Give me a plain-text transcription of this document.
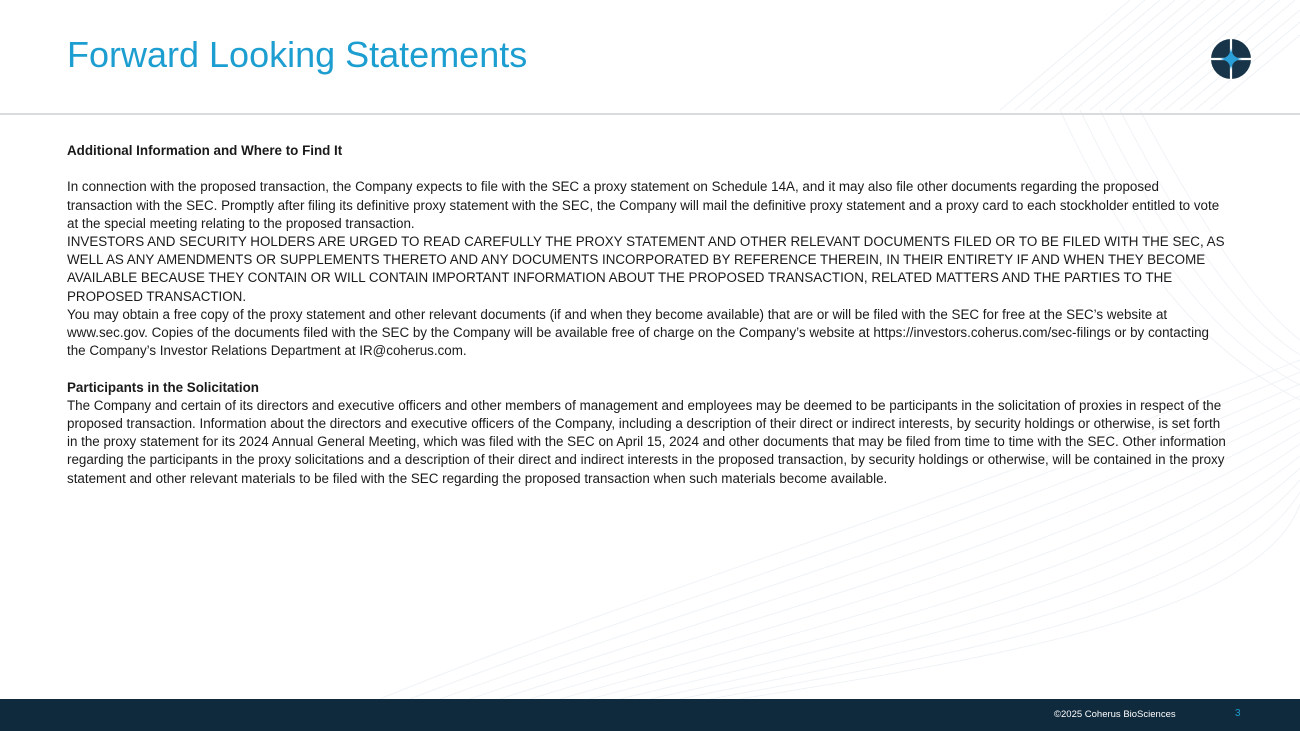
Forward Looking Statements

Additional Information and Where to Find It

In connection with the proposed transaction, the Company expects to file with the SEC a proxy statement on Schedule 14A, and it may also file other documents regarding the proposed transaction with the SEC. Promptly after filing its definitive proxy statement with the SEC, the Company will mail the definitive proxy statement and a proxy card to each stockholder entitled to vote at the special meeting relating to the proposed transaction.

INVESTORS AND SECURITY HOLDERS ARE URGED TO READ CAREFULLY THE PROXY STATEMENT AND OTHER RELEVANT DOCUMENTS FILED OR TO BE FILED WITH THE SEC, AS WELL AS ANY AMENDMENTS OR SUPPLEMENTS THERETO AND ANY DOCUMENTS INCORPORATED BY REFERENCE THEREIN, IN THEIR ENTIRETY IF AND WHEN THEY BECOME AVAILABLE BECAUSE THEY CONTAIN OR WILL CONTAIN IMPORTANT INFORMATION ABOUT THE PROPOSED TRANSACTION, RELATED MATTERS AND THE PARTIES TO THE PROPOSED TRANSACTION.

You may obtain a free copy of the proxy statement and other relevant documents (if and when they become available) that are or will be filed with the SEC for free at the SEC’s website at www.sec.gov. Copies of the documents filed with the SEC by the Company will be available free of charge on the Company’s website at https://investors.coherus.com/sec-filings or by contacting the Company’s Investor Relations Department at IR@coherus.com.

Participants in the Solicitation

The Company and certain of its directors and executive officers and other members of management and employees may be deemed to be participants in the solicitation of proxies in respect of the proposed transaction. Information about the directors and executive officers of the Company, including a description of their direct or indirect interests, by security holdings or otherwise, is set forth in the proxy statement for its 2024 Annual General Meeting, which was filed with the SEC on April 15, 2024 and other documents that may be filed from time to time with the SEC. Other information regarding the participants in the proxy solicitations and a description of their direct and indirect interests in the proposed transaction, by security holdings or otherwise, will be contained in the proxy statement and other relevant materials to be filed with the SEC regarding the proposed transaction when such materials become available.

©2025 Coherus BioSciences	3
